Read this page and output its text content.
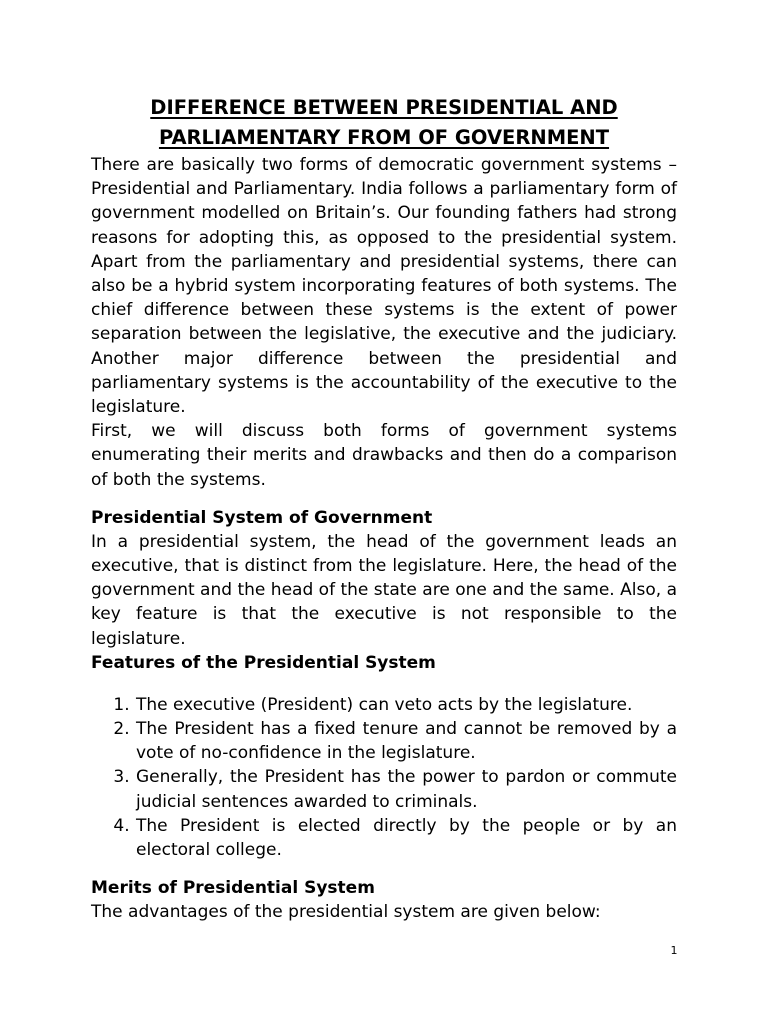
DIFFERENCE BETWEEN PRESIDENTIAL AND
PARLIAMENTARY FROM OF GOVERNMENT

There are basically two forms of democratic government systems – Presidential and Parliamentary. India follows a parliamentary form of government modelled on Britain’s. Our founding fathers had strong reasons for adopting this, as opposed to the presidential system. Apart from the parliamentary and presidential systems, there can also be a hybrid system incorporating features of both systems. The chief difference between these systems is the extent of power separation between the legislative, the executive and the judiciary. Another major difference between the presidential and parliamentary systems is the accountability of the executive to the legislature.

First, we will discuss both forms of government systems enumerating their merits and drawbacks and then do a comparison of both the systems.

Presidential System of Government

In a presidential system, the head of the government leads an executive, that is distinct from the legislature. Here, the head of the government and the head of the state are one and the same. Also, a key feature is that the executive is not responsible to the legislature.

Features of the Presidential System
1. The executive (President) can veto acts by the legislature.
2. The President has a fixed tenure and cannot be removed by a vote of no-confidence in the legislature.
3. Generally, the President has the power to pardon or commute judicial sentences awarded to criminals.
4. The President is elected directly by the people or by an electoral college.
Merits of Presidential System

The advantages of the presidential system are given below:

1
